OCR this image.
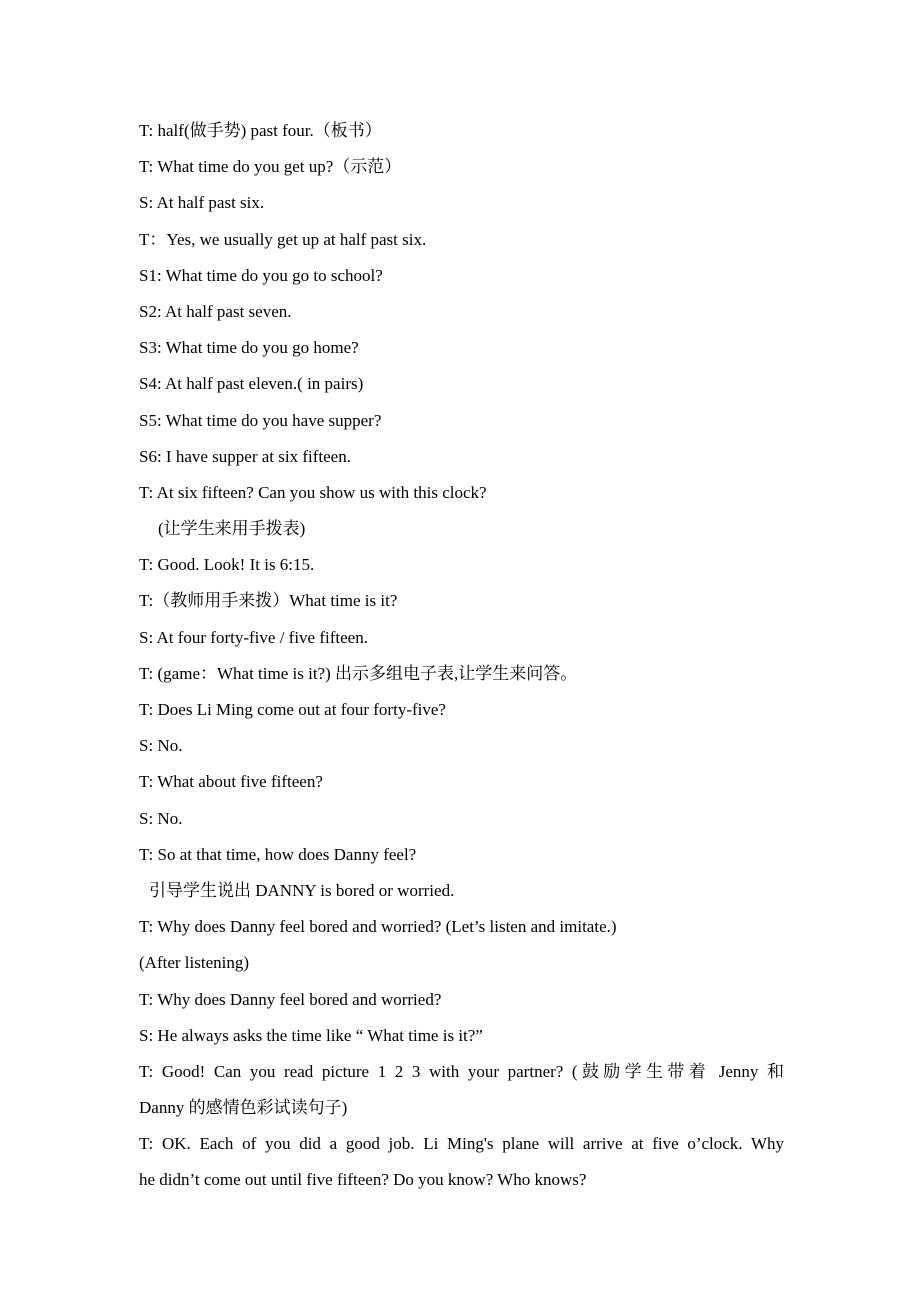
T: half(做手势) past four.（板书）
T: What time do you get up?（示范）
S: At half past six.
T：Yes, we usually get up at half past six.
S1: What time do you go to school?
S2: At half past seven.
S3: What time do you go home?
S4: At half past eleven.( in pairs)
S5: What time do you have supper?
S6: I have supper at six fifteen.
T: At six fifteen? Can you show us with this clock?
(让学生来用手拨表)
T: Good. Look! It is 6:15.
T:（教师用手来拨）What time is it?
S: At four forty-five / five fifteen.
T: (game：What time is it?) 出示多组电子表,让学生来问答。
T: Does Li Ming come out at four forty-five?
S: No.
T: What about five fifteen?
S: No.
T: So at that time, how does Danny feel?
引导学生说出 DANNY is bored or worried.
T: Why does Danny feel bored and worried? (Let’s listen and imitate.)
(After listening)
T: Why does Danny feel bored and worried?
S: He always asks the time like “ What time is it?”
T: Good! Can you read picture 1 2 3 with your partner? (鼓励学生带着 Jenny 和
Danny 的感情色彩试读句子)
T: OK. Each of you did a good job. Li Ming's plane will arrive at five o’clock. Why
he didn’t come out until five fifteen? Do you know? Who knows?
